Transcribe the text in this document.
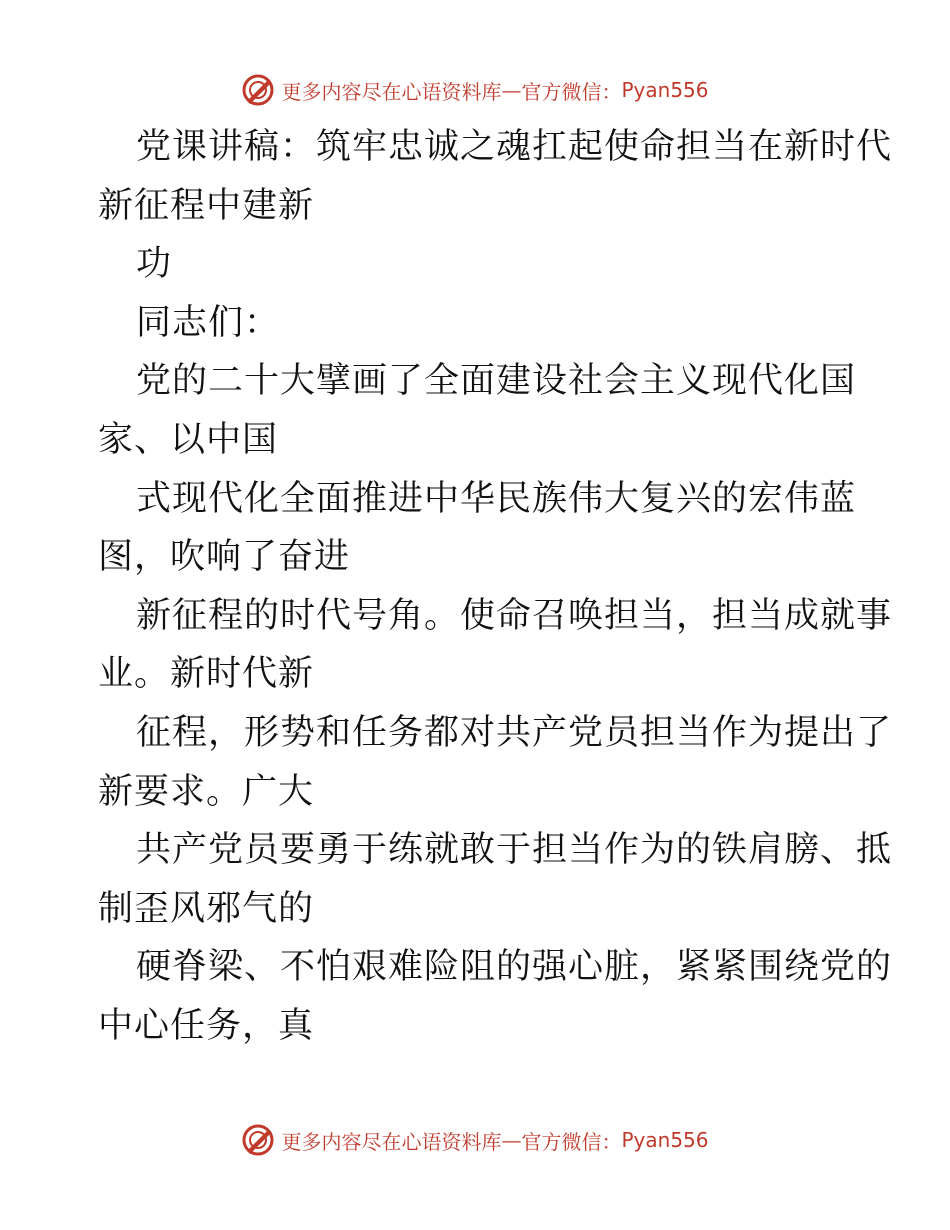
更多内容尽在心语资料库 — 官方微信： Pyan556
党课讲稿：筑牢忠诚之魂扛起使命担当在新时代
新征程中建新
功
同志们：
党的二十大擘画了全面建设社会主义现代化国
家、以中国
式现代化全面推进中华民族伟大复兴的宏伟蓝
图，吹响了奋进
新征程的时代号角。使命召唤担当，担当成就事
业。新时代新
征程，形势和任务都对共产党员担当作为提出了
新要求。广大
共产党员要勇于练就敢于担当作为的铁肩膀、抵
制歪风邪气的
硬脊梁、不怕艰难险阻的强心脏，紧紧围绕党的
中心任务，真
更多内容尽在心语资料库 — 官方微信： Pyan556
